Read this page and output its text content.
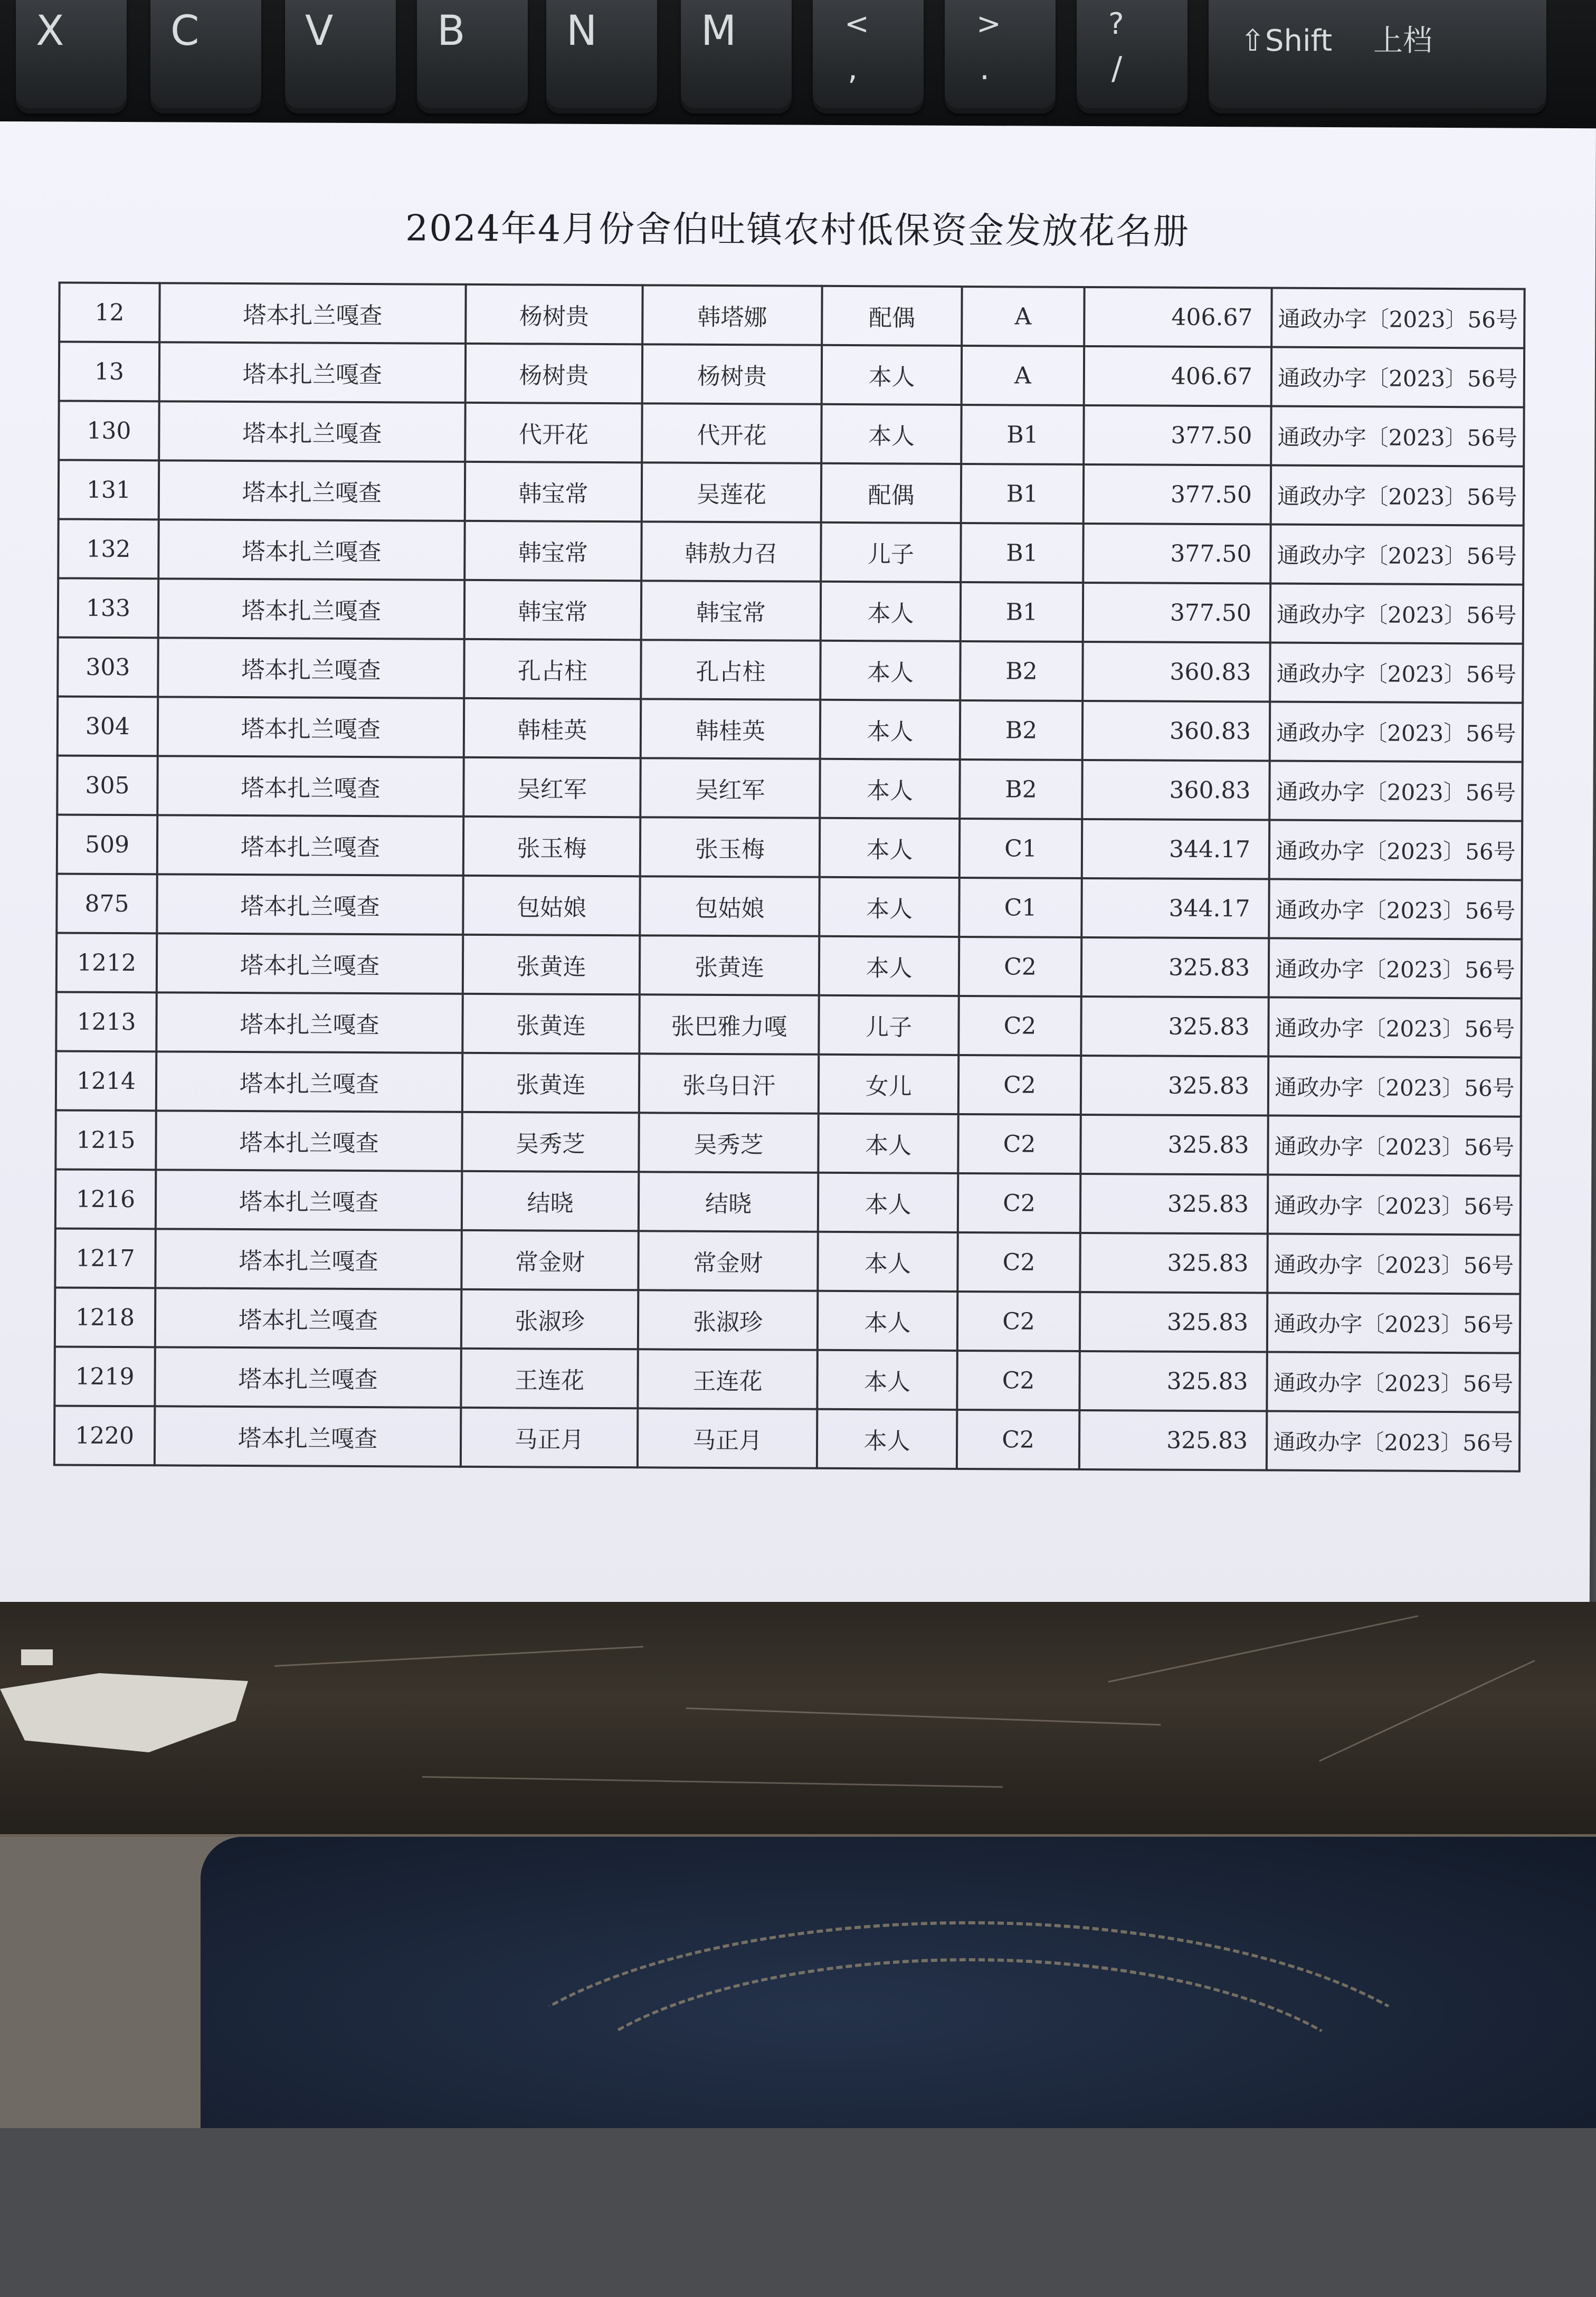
X	C	V	B N	M	<
,
>
.
?
/
⇧Shift 上档
2024年4月份舍伯吐镇农村低保资金发放花名册
12	塔本扎兰嘎查	杨树贵	韩塔娜	配偶	A	406.67	通政办字〔2023〕56号
13	塔本扎兰嘎查	杨树贵	杨树贵	本人	A	406.67	通政办字〔2023〕56号
130	塔本扎兰嘎查	代开花	代开花	本人	B1	377.50	通政办字〔2023〕56号
131	塔本扎兰嘎查	韩宝常	吴莲花	配偶	B1	377.50	通政办字〔2023〕56号
132	塔本扎兰嘎查	韩宝常	韩敖力召	儿子	B1	377.50	通政办字〔2023〕56号
133	塔本扎兰嘎查	韩宝常	韩宝常	本人	B1	377.50	通政办字〔2023〕56号
303	塔本扎兰嘎查	孔占柱	孔占柱	本人	B2	360.83	通政办字〔2023〕56号
304	塔本扎兰嘎查	韩桂英	韩桂英	本人	B2	360.83	通政办字〔2023〕56号
305	塔本扎兰嘎查	吴红军	吴红军	本人	B2	360.83	通政办字〔2023〕56号
509	塔本扎兰嘎查	张玉梅	张玉梅	本人	C1	344.17	通政办字〔2023〕56号
875	塔本扎兰嘎查	包姑娘	包姑娘	本人	C1	344.17	通政办字〔2023〕56号
1212	塔本扎兰嘎查	张黄连	张黄连	本人	C2	325.83	通政办字〔2023〕56号
1213	塔本扎兰嘎查	张黄连	张巴雅力嘎	儿子	C2	325.83	通政办字〔2023〕56号
1214	塔本扎兰嘎查	张黄连	张乌日汗	女儿	C2	325.83	通政办字〔2023〕56号
1215	塔本扎兰嘎查	吴秀芝	吴秀芝	本人	C2	325.83	通政办字〔2023〕56号
1216	塔本扎兰嘎查	结晓	结晓	本人	C2	325.83	通政办字〔2023〕56号
1217	塔本扎兰嘎查	常金财	常金财	本人	C2	325.83	通政办字〔2023〕56号
1218	塔本扎兰嘎查	张淑珍	张淑珍	本人	C2	325.83	通政办字〔2023〕56号
1219	塔本扎兰嘎查	王连花	王连花	本人	C2	325.83	通政办字〔2023〕56号
1220	塔本扎兰嘎查	马正月	马正月	本人	C2	325.83	通政办字〔2023〕56号
